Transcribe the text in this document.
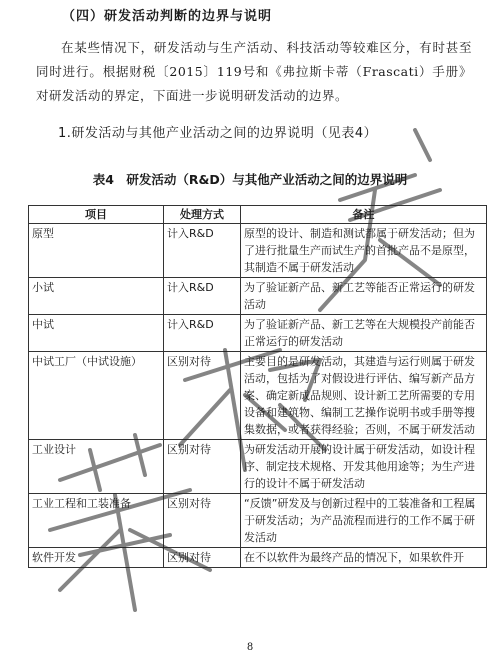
（四）研发活动判断的边界与说明
在某些情况下，研发活动与生产活动、科技活动等较难区分，有时甚至同时进行。根据财税〔2015〕119号和《弗拉斯卡蒂（Frascati）手册》对研发活动的界定，下面进一步说明研发活动的边界。
1.研发活动与其他产业活动之间的边界说明（见表4）
表4　研发活动（R&D）与其他产业活动之间的边界说明
项目	处理方式	备注
原型	计入R&D	原型的设计、制造和测试都属于研发活动；但为了进行批量生产而试生产的首批产品不是原型，其制造不属于研发活动
小试	计入R&D	为了验证新产品、新工艺等能否正常运行的研发活动
中试	计入R&D	为了验证新产品、新工艺等在大规模投产前能否正常运行的研发活动
中试工厂（中试设施）	区别对待	主要目的是研发活动，其建造与运行则属于研发活动，包括为了对假设进行评估、编写新产品方案、确定新成品规则、设计新工艺所需要的专用设备和建筑物、编制工艺操作说明书或手册等搜集数据，或者获得经验；否则，不属于研发活动
工业设计	区别对待	为研发活动开展的设计属于研发活动，如设计程序、制定技术规格、开发其他用途等；为生产进行的设计不属于研发活动
工业工程和工装准备	区别对待	“反馈”研发及与创新过程中的工装准备和工程属于研发活动；为产品流程而进行的工作不属于研发活动
软件开发	区别对待	在不以软件为最终产品的情况下，如果软件开
8
